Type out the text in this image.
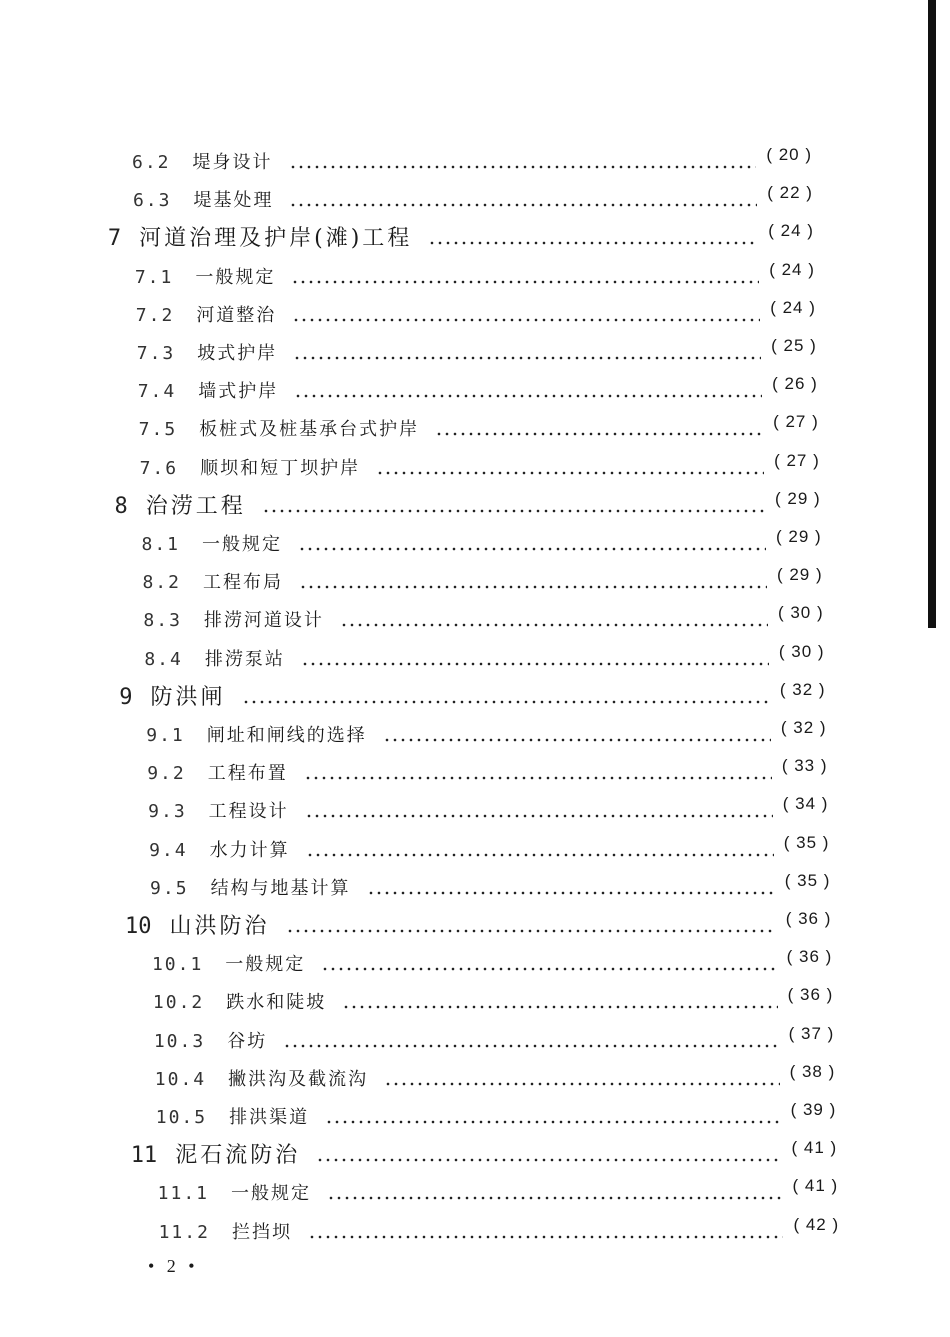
6.2	堤身设计	( 20 )
6.3	堤基处理	( 22 )
7 河道治理及护岸(滩)工程	( 24 )
7.1	一般规定	( 24 )
7.2	河道整治	( 24 )
7.3	坡式护岸	( 25 )
7.4	墙式护岸	( 26 )
7.5	板桩式及桩基承台式护岸	( 27 )
7.6	顺坝和短丁坝护岸	( 27 )
8 治涝工程	( 29 )
8.1	一般规定	( 29 )
8.2	工程布局	( 29 )
8.3	排涝河道设计	( 30 )
8.4	排涝泵站	( 30 )
9 防洪闸	( 32 )
9.1	闸址和闸线的选择	( 32 )
9.2	工程布置	( 33 )
9.3	工程设计	( 34 )
9.4	水力计算	( 35 )
9.5	结构与地基计算	( 35 )
10 山洪防治	( 36 )
10.1	一般规定	( 36 )
10.2	跌水和陡坡	( 36 )
10.3	谷坊	( 37 )
10.4	撇洪沟及截流沟	( 38 )
10.5	排洪渠道	( 39 )
11 泥石流防治	( 41 )
11.1	一般规定	( 41 )
11.2	拦挡坝	( 42 )
• 2 •
